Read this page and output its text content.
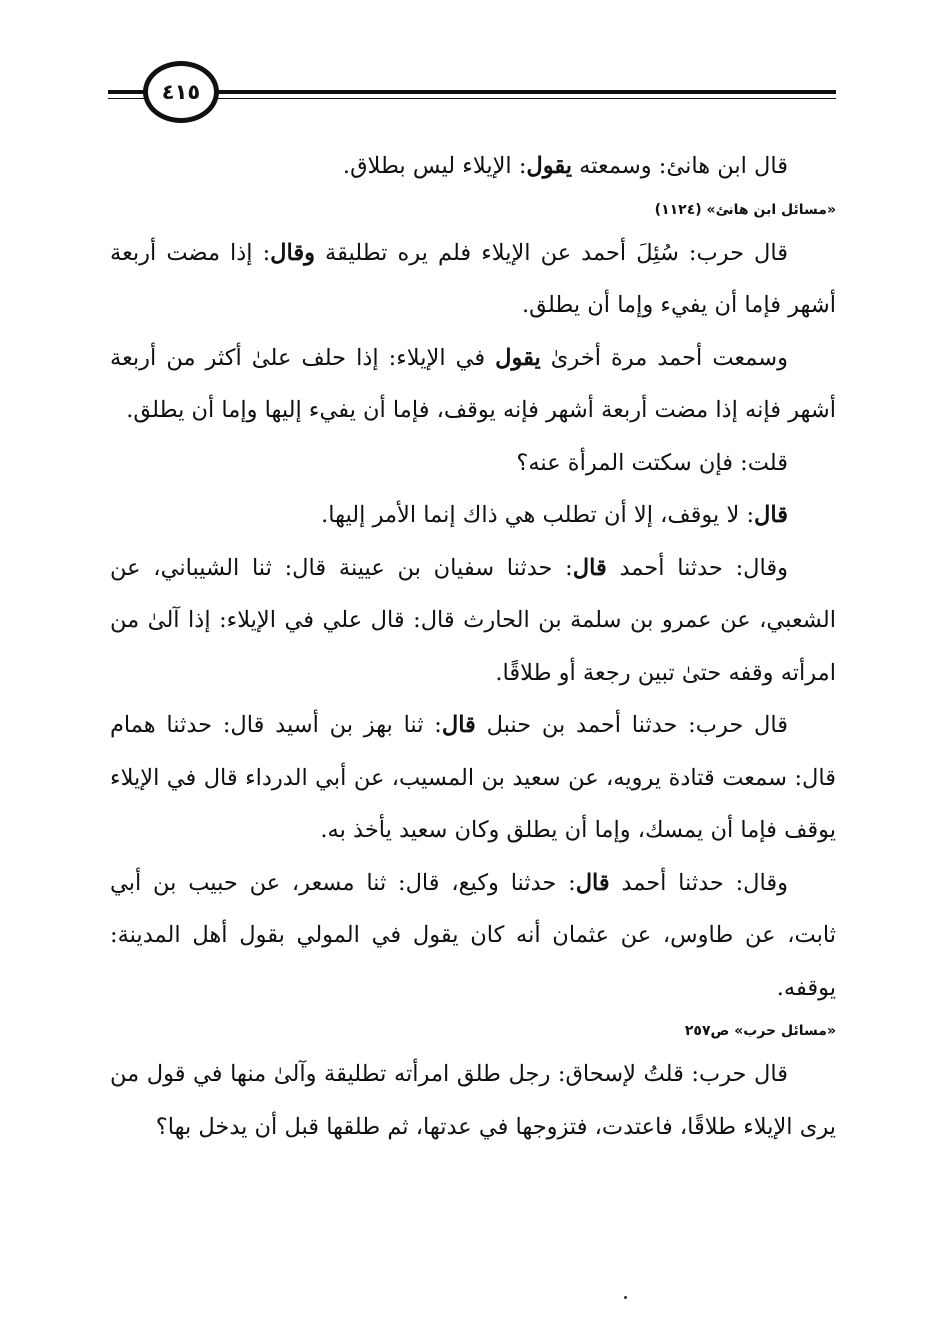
٤١٥

قال ابن هانئ: وسمعته يقول: الإيلاء ليس بطلاق.

«مسائل ابن هانئ» (١١٢٤)

قال حرب: سُئِلَ أحمد عن الإيلاء فلم يره تطليقة وقال: إذا مضت أربعة أشهر فإما أن يفيء وإما أن يطلق.

وسمعت أحمد مرة أخرىٰ يقول في الإيلاء: إذا حلف علىٰ أكثر من أربعة أشهر فإنه إذا مضت أربعة أشهر فإنه يوقف، فإما أن يفيء إليها وإما أن يطلق.

قلت: فإن سكتت المرأة عنه؟

قال: لا يوقف، إلا أن تطلب هي ذاك إنما الأمر إليها.

وقال: حدثنا أحمد قال: حدثنا سفيان بن عيينة قال: ثنا الشيباني، عن الشعبي، عن عمرو بن سلمة بن الحارث قال: قال علي في الإيلاء: إذا آلىٰ من امرأته وقفه حتىٰ تبين رجعة أو طلاقًا.

قال حرب: حدثنا أحمد بن حنبل قال: ثنا بهز بن أسيد قال: حدثنا همام قال: سمعت قتادة يرويه، عن سعيد بن المسيب، عن أبي الدرداء قال في الإيلاء يوقف فإما أن يمسك، وإما أن يطلق وكان سعيد يأخذ به.

وقال: حدثنا أحمد قال: حدثنا وكيع، قال: ثنا مسعر، عن حبيب بن أبي ثابت، عن طاوس، عن عثمان أنه كان يقول في المولي بقول أهل المدينة: يوقفه.

«مسائل حرب» ص٢٥٧

قال حرب: قلتُ لإسحاق: رجل طلق امرأته تطليقة وآلىٰ منها في قول من يرى الإيلاء طلاقًا، فاعتدت، فتزوجها في عدتها، ثم طلقها قبل أن يدخل بها؟
